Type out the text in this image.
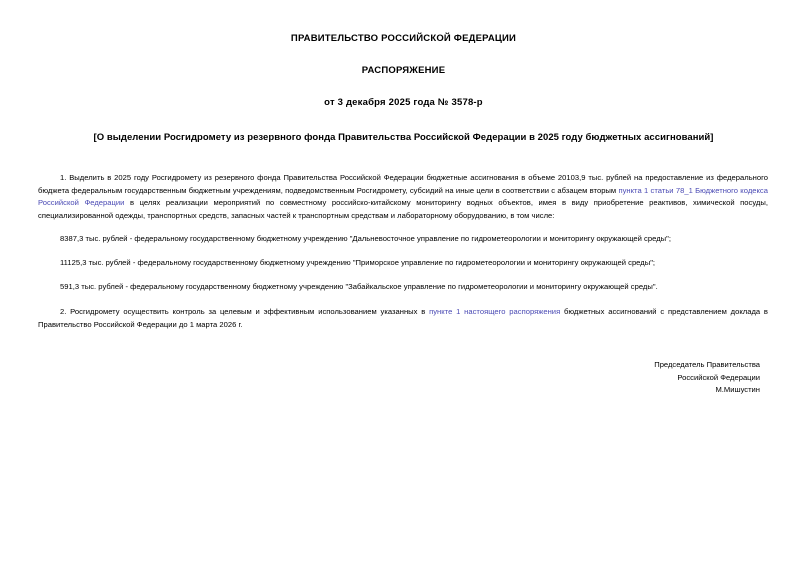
ПРАВИТЕЛЬСТВО РОССИЙСКОЙ ФЕДЕРАЦИИ
РАСПОРЯЖЕНИЕ
от 3 декабря 2025 года № 3578-р
[О выделении Росгидромету из резервного фонда Правительства Российской Федерации в 2025 году бюджетных ассигнований]

1. Выделить в 2025 году Росгидромету из резервного фонда Правительства Российской Федерации бюджетные ассигнования в объеме 20103,9 тыс. рублей на предоставление из федерального бюджета федеральным государственным бюджетным учреждениям, подведомственным Росгидромету, субсидий на иные цели в соответствии с абзацем вторым пункта 1 статьи 78_1 Бюджетного кодекса Российской Федерации в целях реализации мероприятий по совместному российско-китайскому мониторингу водных объектов, имея в виду приобретение реактивов, химической посуды, специализированной одежды, транспортных средств, запасных частей к транспортным средствам и лабораторному оборудованию, в том числе:

8387,3 тыс. рублей - федеральному государственному бюджетному учреждению "Дальневосточное управление по гидрометеорологии и мониторингу окружающей среды";

11125,3 тыс. рублей - федеральному государственному бюджетному учреждению "Приморское управление по гидрометеорологии и мониторингу окружающей среды";

591,3 тыс. рублей - федеральному государственному бюджетному учреждению "Забайкальское управление по гидрометеорологии и мониторингу окружающей среды".

2. Росгидромету осуществить контроль за целевым и эффективным использованием указанных в пункте 1 настоящего распоряжения бюджетных ассигнований с представлением доклада в Правительство Российской Федерации до 1 марта 2026 г.

Председатель Правительства
Российской Федерации
М.Мишустин
